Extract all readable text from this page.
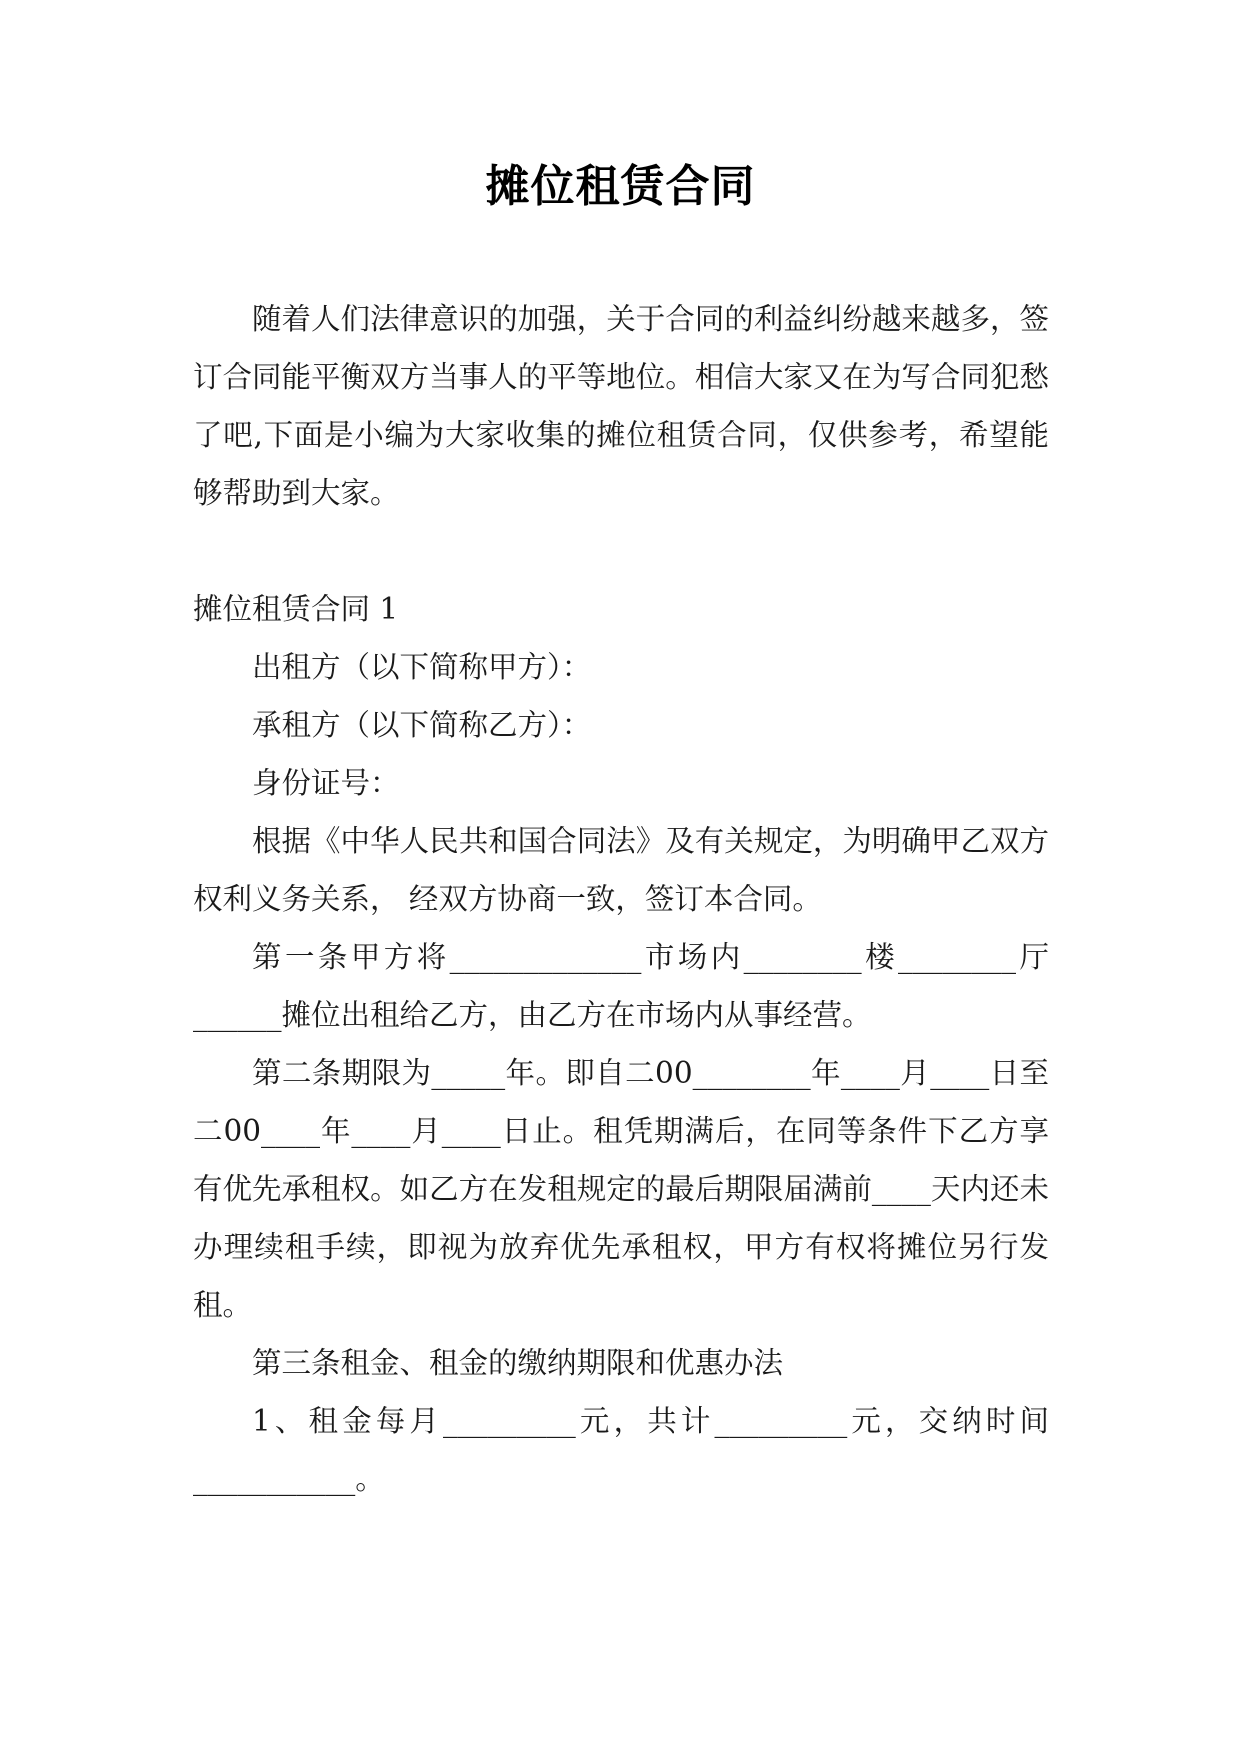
摊位租赁合同

随着人们法律意识的加强，关于合同的利益纠纷越来越多，签订合同能平衡双方当事人的平等地位。相信大家又在为写合同犯愁了吧,下面是小编为大家收集的摊位租赁合同，仅供参考，希望能够帮助到大家。

摊位租赁合同 1

出租方（以下简称甲方）：

承租方（以下简称乙方）：

身份证号：

根据《中华人民共和国合同法》及有关规定，为明确甲乙双方权利义务关系， 经双方协商一致，签订本合同。

第一条甲方将_____________市场内________楼________厅______摊位出租给乙方，由乙方在市场内从事经营。

第二条期限为_____年。即自二00________年____月____日至二00____年____月____日止。租凭期满后，在同等条件下乙方享有优先承租权。如乙方在发租规定的最后期限届满前____天内还未办理续租手续，即视为放弃优先承租权，甲方有权将摊位另行发租。

第三条租金、租金的缴纳期限和优惠办法

1、租金每月_________元，共计_________元，交纳时间___________。
